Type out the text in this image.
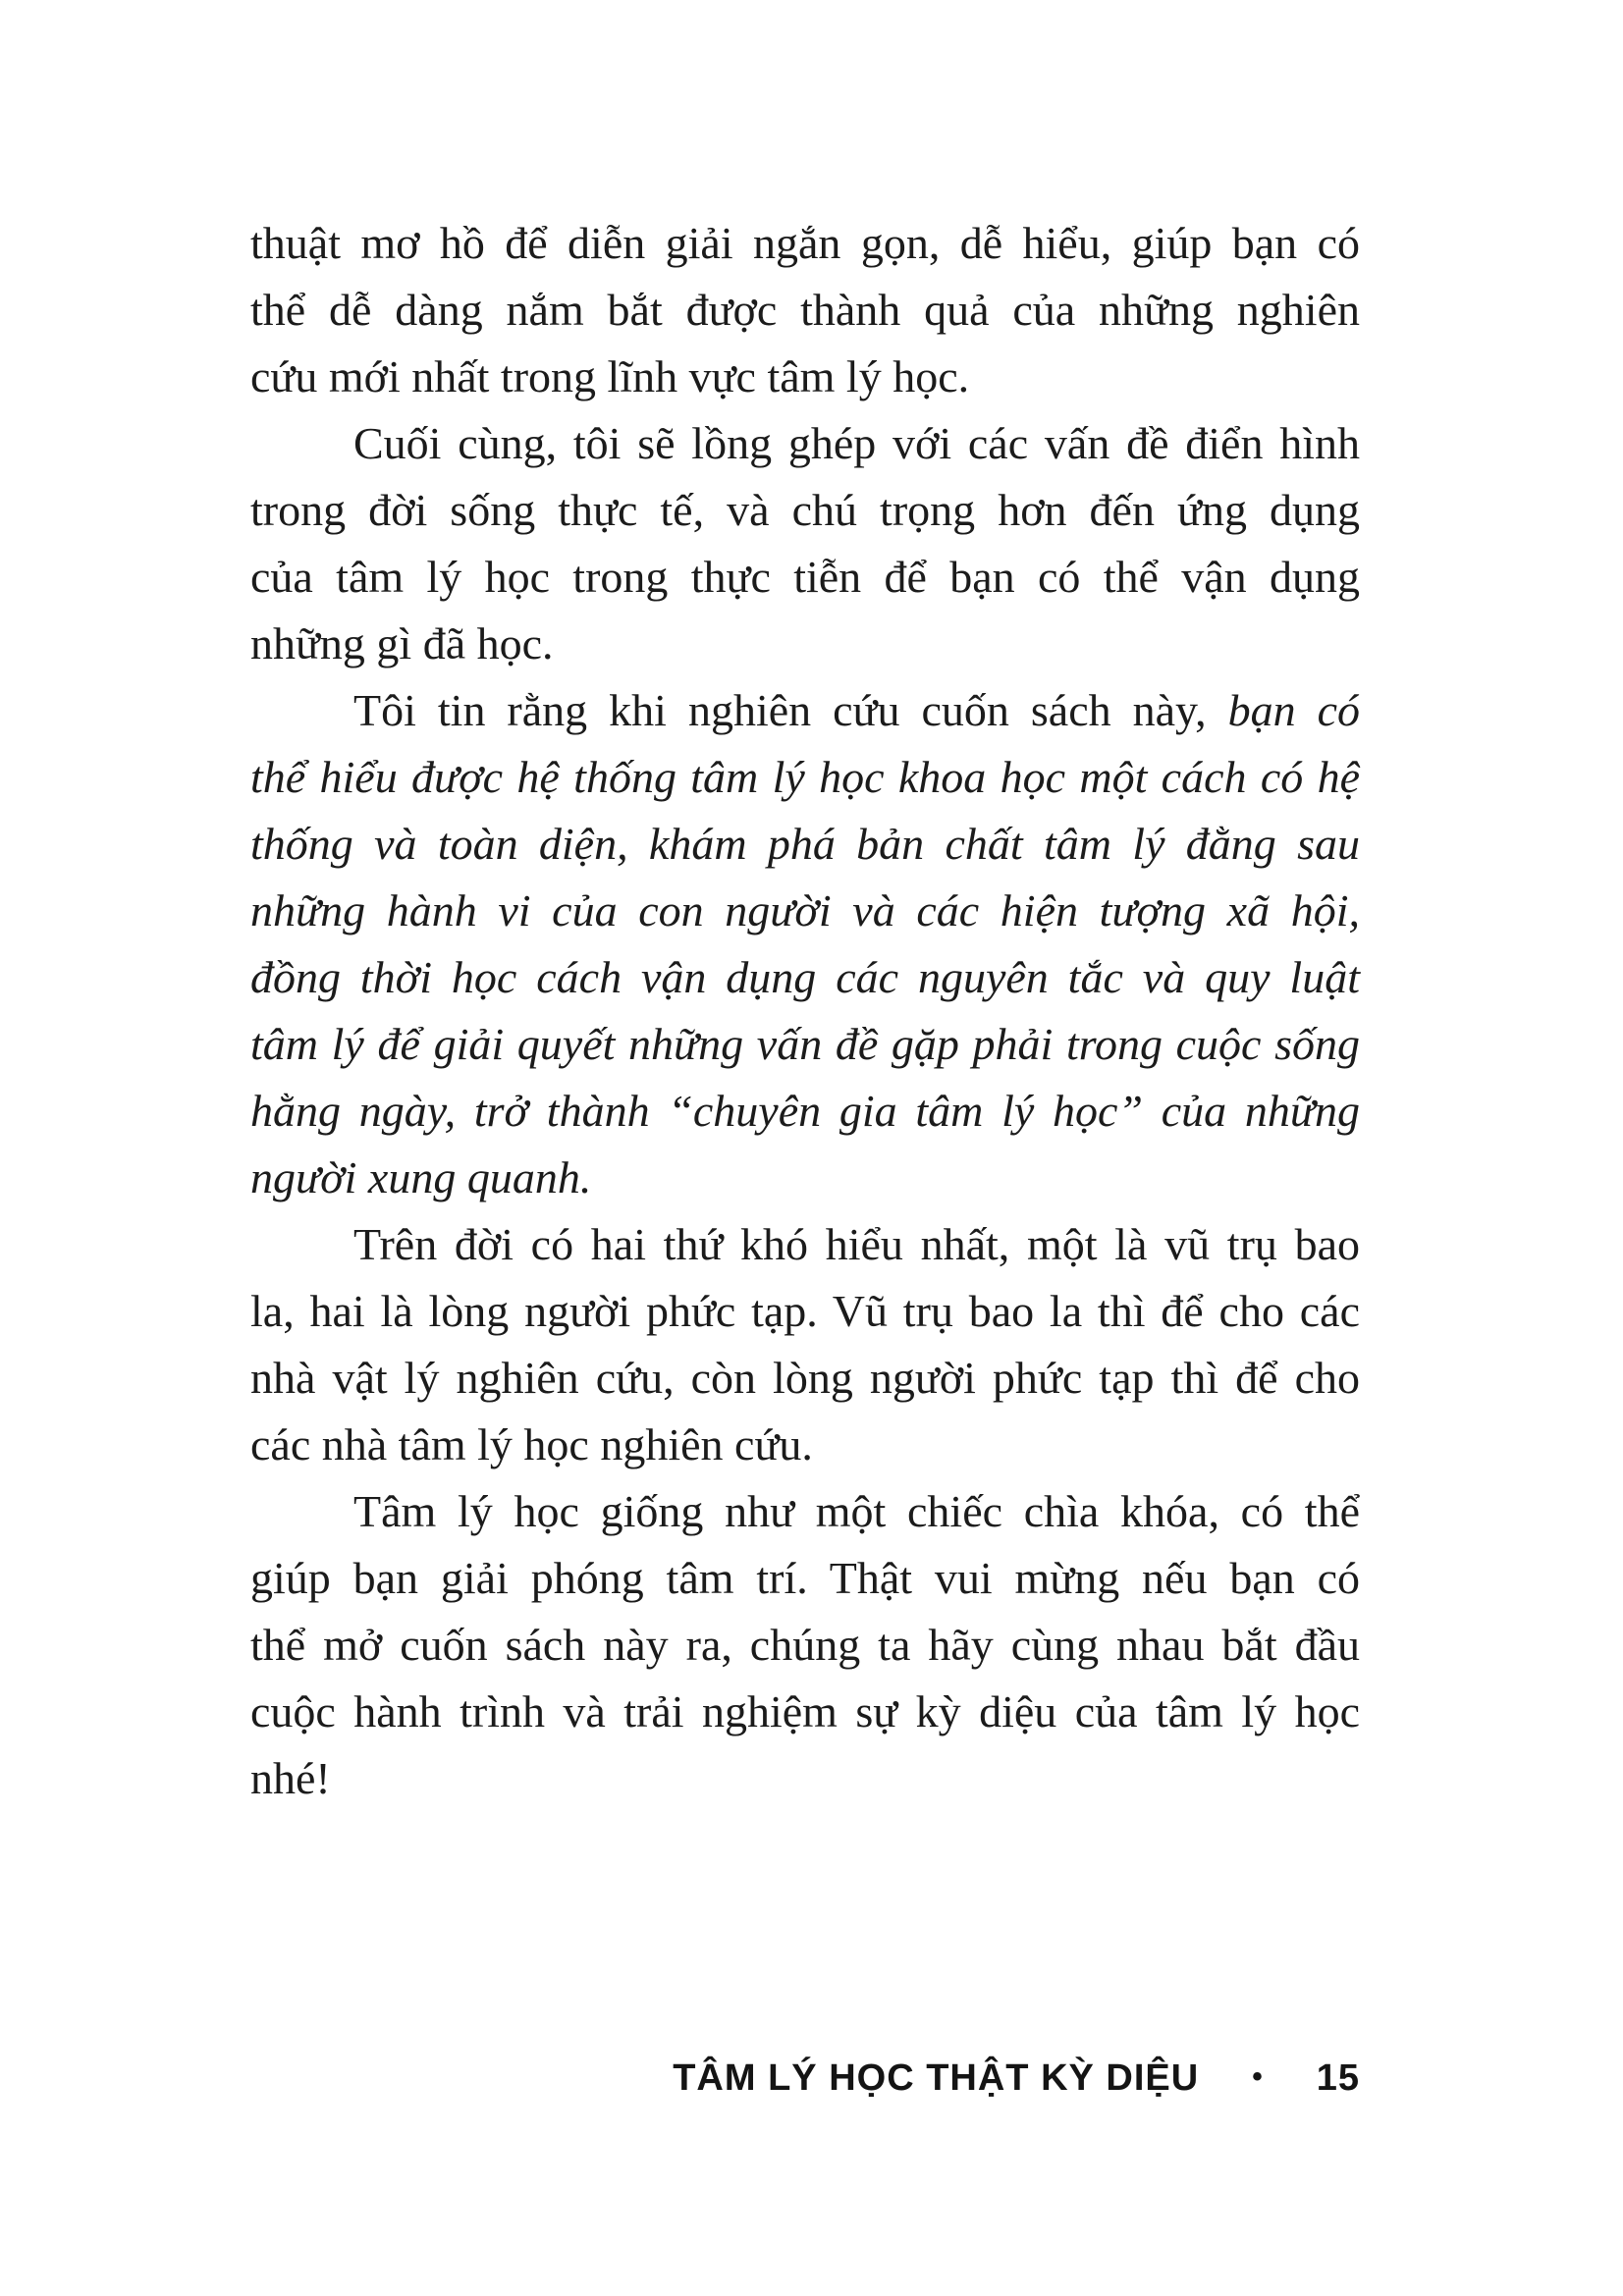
thuật mơ hồ để diễn giải ngắn gọn, dễ hiểu, giúp bạn có
thể dễ dàng nắm bắt được thành quả của những nghiên
cứu mới nhất trong lĩnh vực tâm lý học.
Cuối cùng, tôi sẽ lồng ghép với các vấn đề điển hình
trong đời sống thực tế, và chú trọng hơn đến ứng dụng
của tâm lý học trong thực tiễn để bạn có thể vận dụng
những gì đã học.
Tôi tin rằng khi nghiên cứu cuốn sách này, bạn có
thể hiểu được hệ thống tâm lý học khoa học một cách có hệ
thống và toàn diện, khám phá bản chất tâm lý đằng sau
những hành vi của con người và các hiện tượng xã hội,
đồng thời học cách vận dụng các nguyên tắc và quy luật
tâm lý để giải quyết những vấn đề gặp phải trong cuộc sống
hằng ngày, trở thành “chuyên gia tâm lý học” của những
người xung quanh.
Trên đời có hai thứ khó hiểu nhất, một là vũ trụ bao
la, hai là lòng người phức tạp. Vũ trụ bao la thì để cho các
nhà vật lý nghiên cứu, còn lòng người phức tạp thì để cho
các nhà tâm lý học nghiên cứu.
Tâm lý học giống như một chiếc chìa khóa, có thể
giúp bạn giải phóng tâm trí. Thật vui mừng nếu bạn có
thể mở cuốn sách này ra, chúng ta hãy cùng nhau bắt đầu
cuộc hành trình và trải nghiệm sự kỳ diệu của tâm lý học
nhé!
TÂM LÝ HỌC THẬT KỲ DIỆU • 15
